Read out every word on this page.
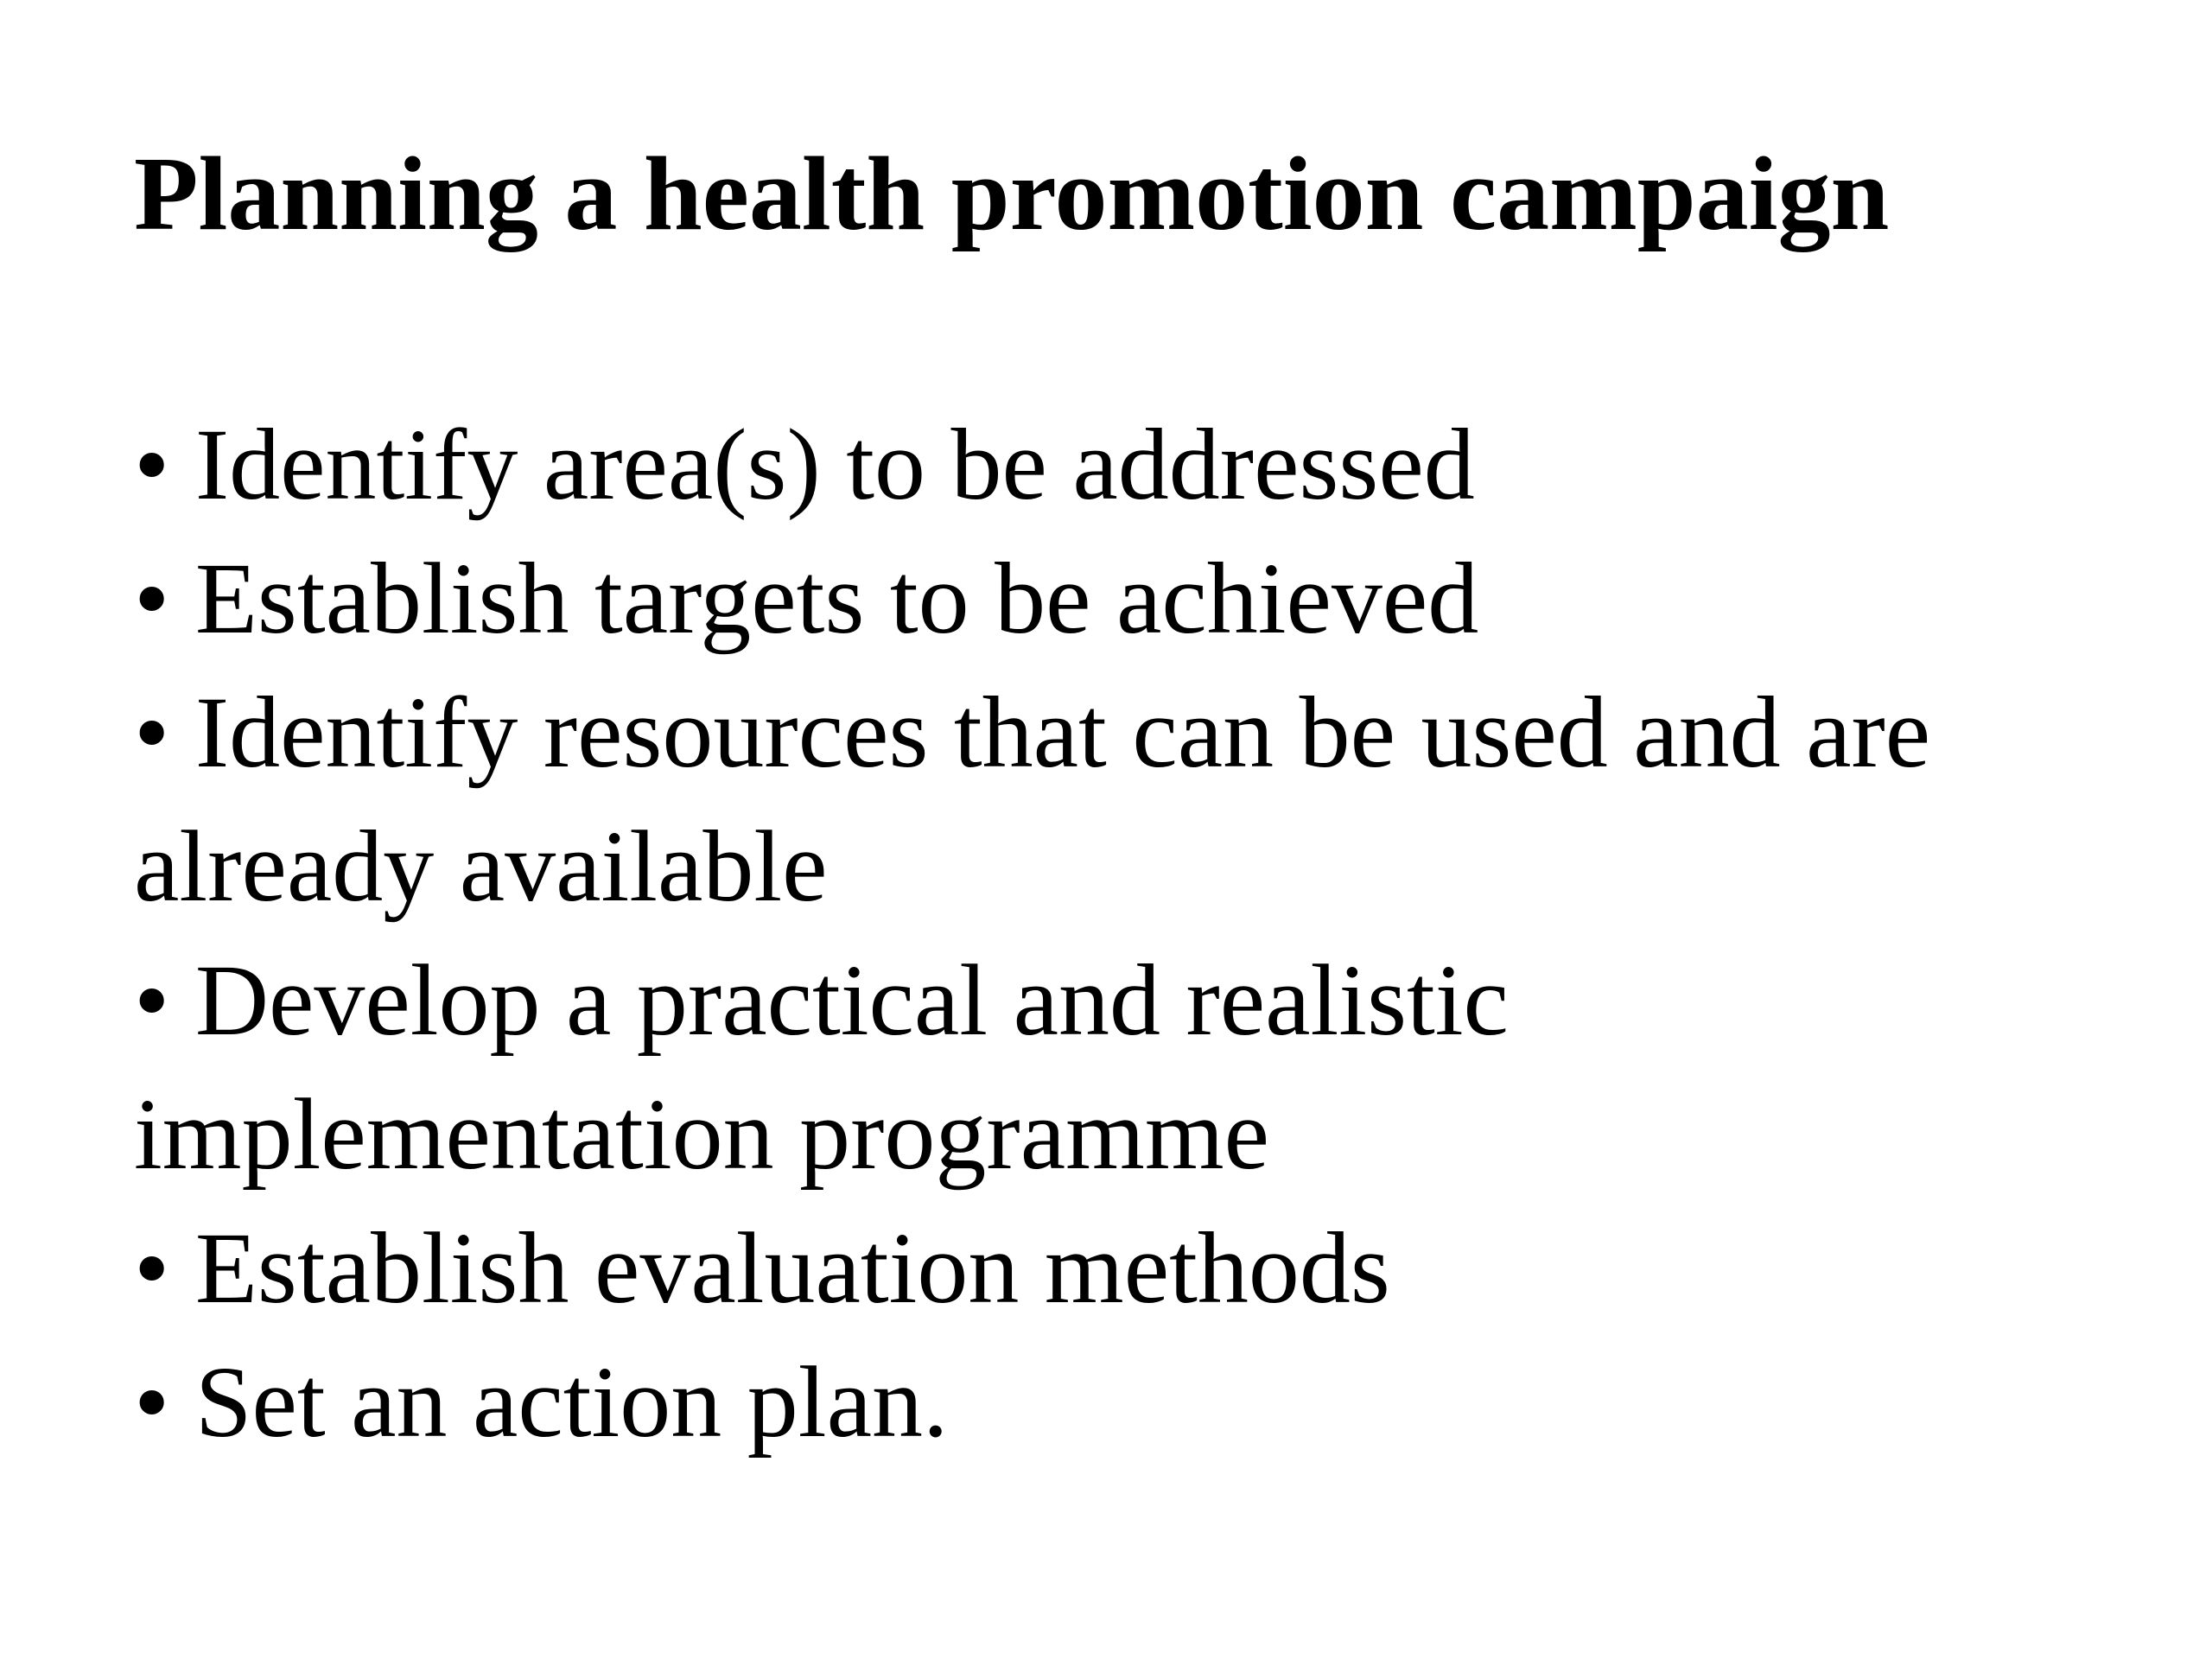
Planning a health promotion campaign
• Identify area(s) to be addressed
• Establish targets to be achieved
• Identify resources that can be used and are
already available
• Develop a practical and realistic
implementation programme
• Establish evaluation methods
• Set an action plan.
